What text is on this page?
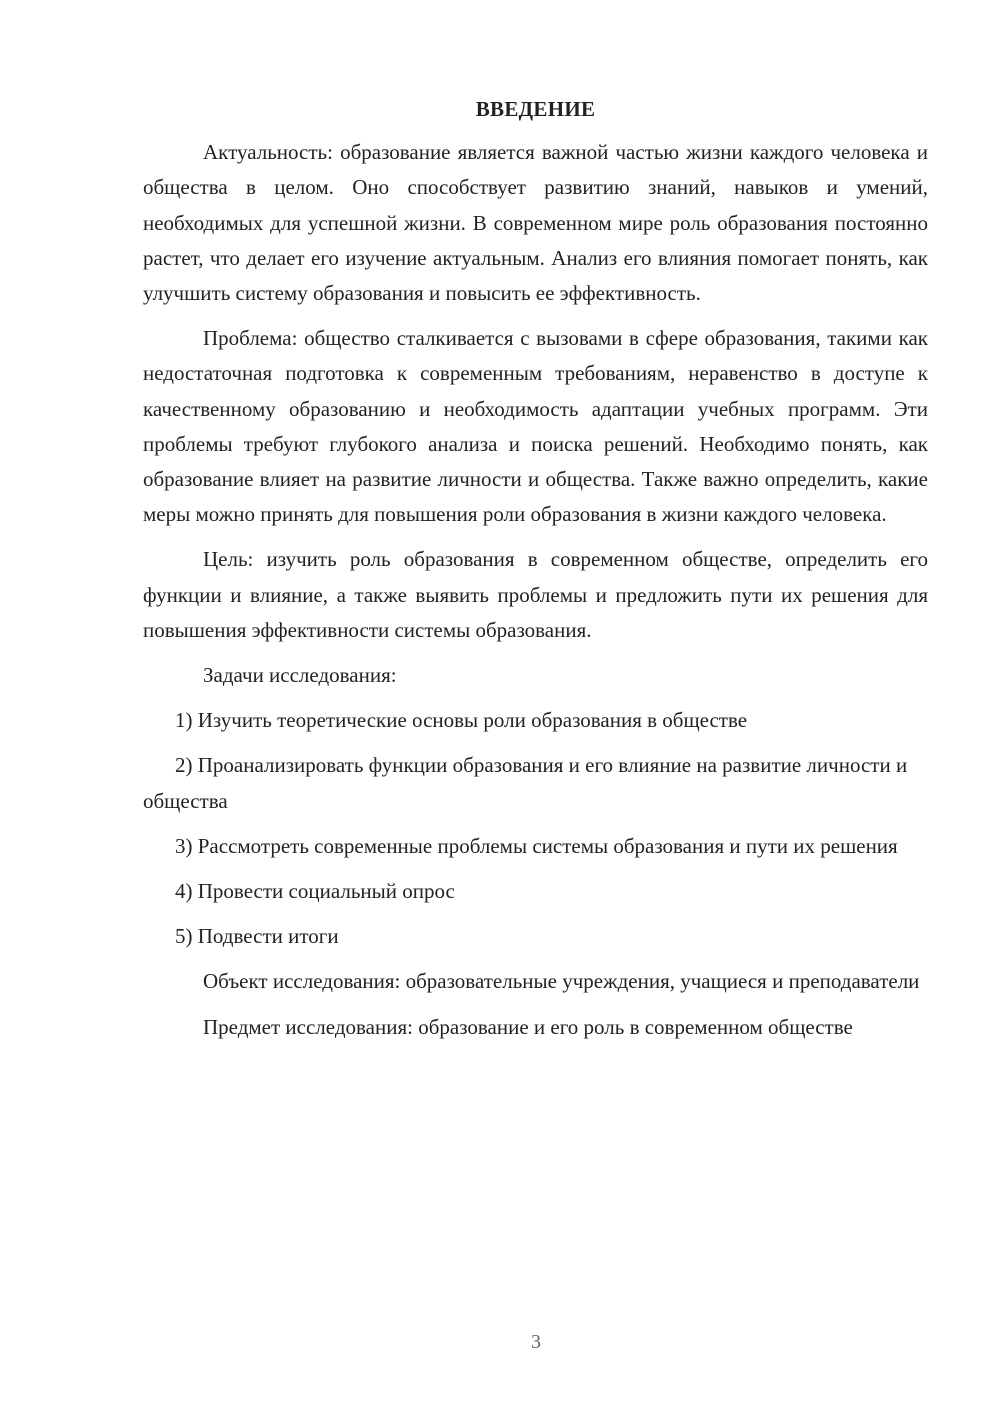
ВВЕДЕНИЕ

Актуальность: образование является важной частью жизни каждого человека и общества в целом. Оно способствует развитию знаний, навыков и умений, необходимых для успешной жизни. В современном мире роль образования постоянно растет, что делает его изучение актуальным. Анализ его влияния помогает понять, как улучшить систему образования и повысить ее эффективность.

Проблема: общество сталкивается с вызовами в сфере образования, такими как недостаточная подготовка к современным требованиям, неравенство в доступе к качественному образованию и необходимость адаптации учебных программ. Эти проблемы требуют глубокого анализа и поиска решений. Необходимо понять, как образование влияет на развитие личности и общества. Также важно определить, какие меры можно принять для повышения роли образования в жизни каждого человека.

Цель: изучить роль образования в современном обществе, определить его функции и влияние, а также выявить проблемы и предложить пути их решения для повышения эффективности системы образования.

Задачи исследования:

1) Изучить теоретические основы роли образования в обществе

2) Проанализировать функции образования и его влияние на развитие личности и общества

3) Рассмотреть современные проблемы системы образования и пути их решения

4) Провести социальный опрос

5) Подвести итоги

Объект исследования: образовательные учреждения, учащиеся и преподаватели

Предмет исследования: образование и его роль в современном обществе

3
